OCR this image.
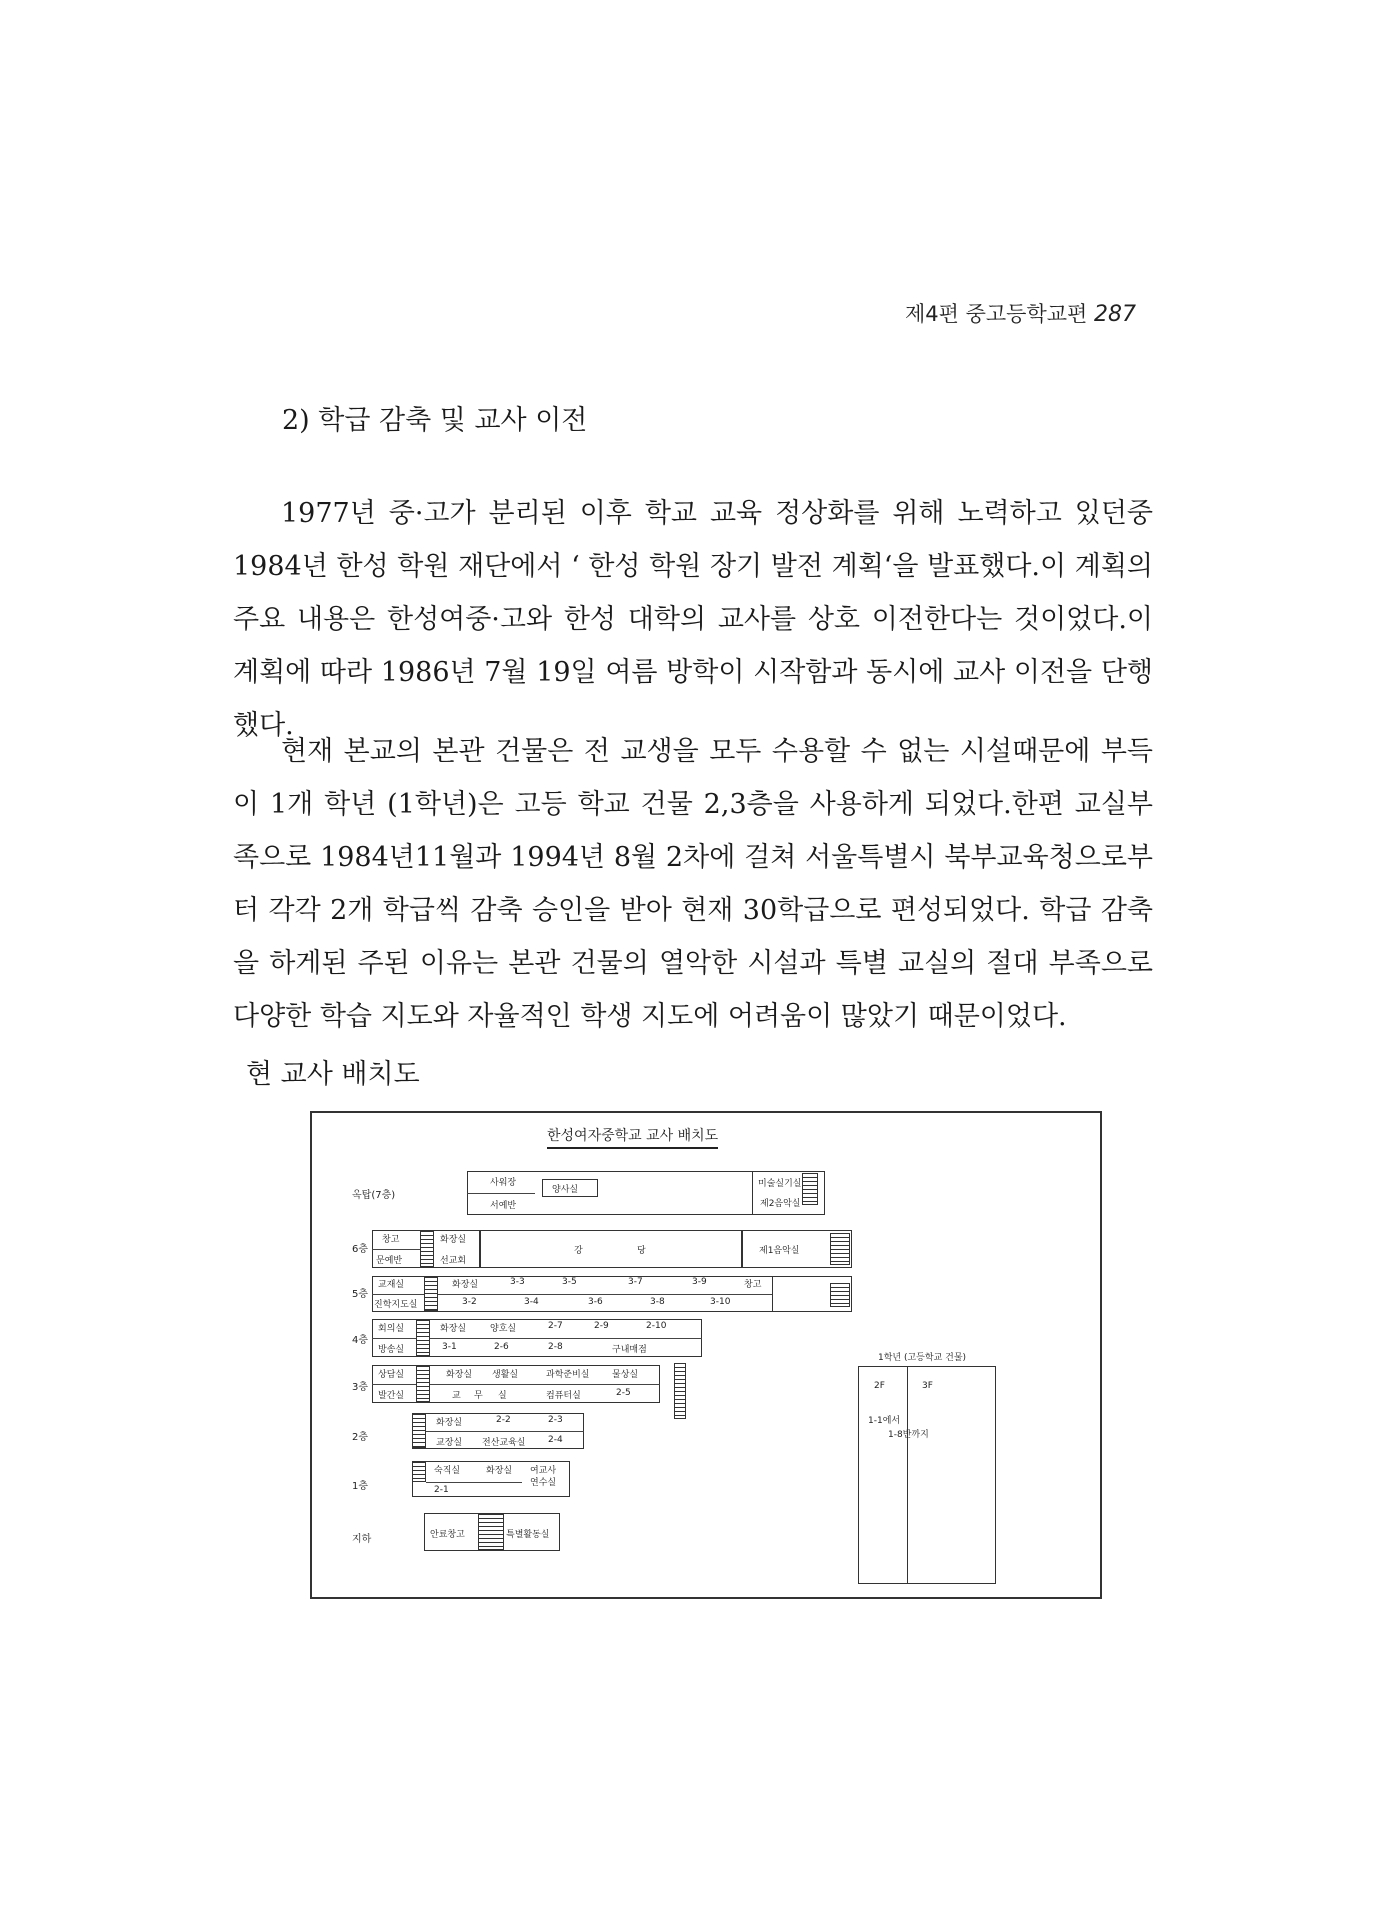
제4편 중고등학교편 287
2) 학급 감축 및 교사 이전

1977년 중·고가 분리된 이후 학교 교육 정상화를 위해 노력하고 있던중 1984년 한성 학원 재단에서 ‘ 한성 학원 장기 발전 계획‘을 발표했다.이 계획의 주요 내용은 한성여중·고와 한성 대학의 교사를 상호 이전한다는 것이었다.이 계획에 따라 1986년 7월 19일 여름 방학이 시작함과 동시에 교사 이전을 단행했다.

현재 본교의 본관 건물은 전 교생을 모두 수용할 수 없는 시설때문에 부득이 1개 학년 (1학년)은 고등 학교 건물 2,3층을 사용하게 되었다.한편 교실부족으로 1984년11월과 1994년 8월 2차에 걸쳐 서울특별시 북부교육청으로부터 각각 2개 학급씩 감축 승인을 받아 현재 30학급으로 편성되었다. 학급 감축을 하게된 주된 이유는 본관 건물의 열악한 시설과 특별 교실의 절대 부족으로 다양한 학습 지도와 자율적인 학생 지도에 어려움이 많았기 때문이었다.

현 교사 배치도
한성여자중학교 교사 배치도
옥탑(7층)
6층
5층
4층
3층
2층
1층
지하
사워장
서예반
양사실
미술실기실
제2음악실
창고
문예반
화장실
선교회
강	당	제1음악실
교재실
진학지도실
화장실	3-3	3-5	3-7	3-9	창고
3-2	3-4	3-6	3-8	3-10
회의실
방송실
화장실	양호실	2-7	2-9	2-10
3-1	2-6	2-8	구내매점
상담실
발간실
화장실 생활실	과학준비실	물상실
교 무 실	컴퓨터실	2-5
화장실	2-2	2-3
교장실 전산교육실	2-4
숙직실	화장실 여교사
연수실
2-1
안료창고	특별활동실
1학년 (고등학교 건물)
2F	3F
1-1에서
1-8반까지
